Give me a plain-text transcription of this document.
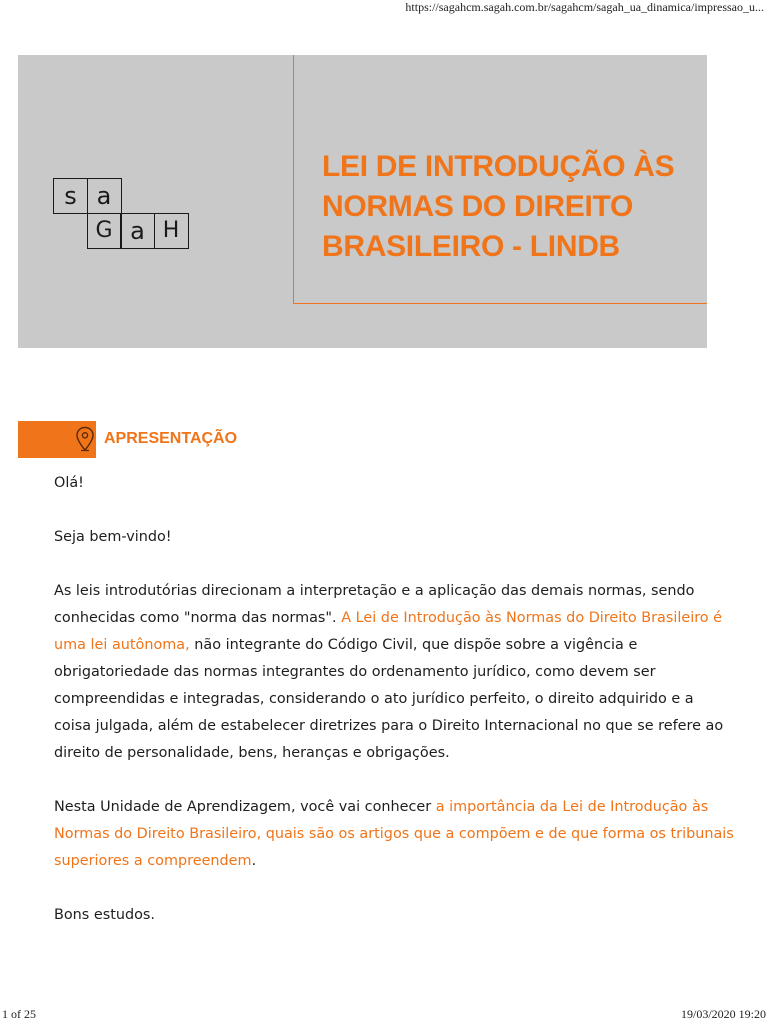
https://sagahcm.sagah.com.br/sagahcm/sagah_ua_dinamica/impressao_u...
s a
G a H
LEI DE INTRODUÇÃO ÀS NORMAS DO DIREITO BRASILEIRO - LINDB
APRESENTAÇÃO

Olá!

Seja bem-vindo!

As leis introdutórias direcionam a interpretação e a aplicação das demais normas, sendo conhecidas como "norma das normas". A Lei de Introdução às Normas do Direito Brasileiro é uma lei autônoma, não integrante do Código Civil, que dispõe sobre a vigência e obrigatoriedade das normas integrantes do ordenamento jurídico, como devem ser compreendidas e integradas, considerando o ato jurídico perfeito, o direito adquirido e a coisa julgada, além de estabelecer diretrizes para o Direito Internacional no que se refere ao direito de personalidade, bens, heranças e obrigações.

Nesta Unidade de Aprendizagem, você vai conhecer a importância da Lei de Introdução às Normas do Direito Brasileiro, quais são os artigos que a compõem e de que forma os tribunais superiores a compreendem.

Bons estudos.

1 of 25	19/03/2020 19:20
